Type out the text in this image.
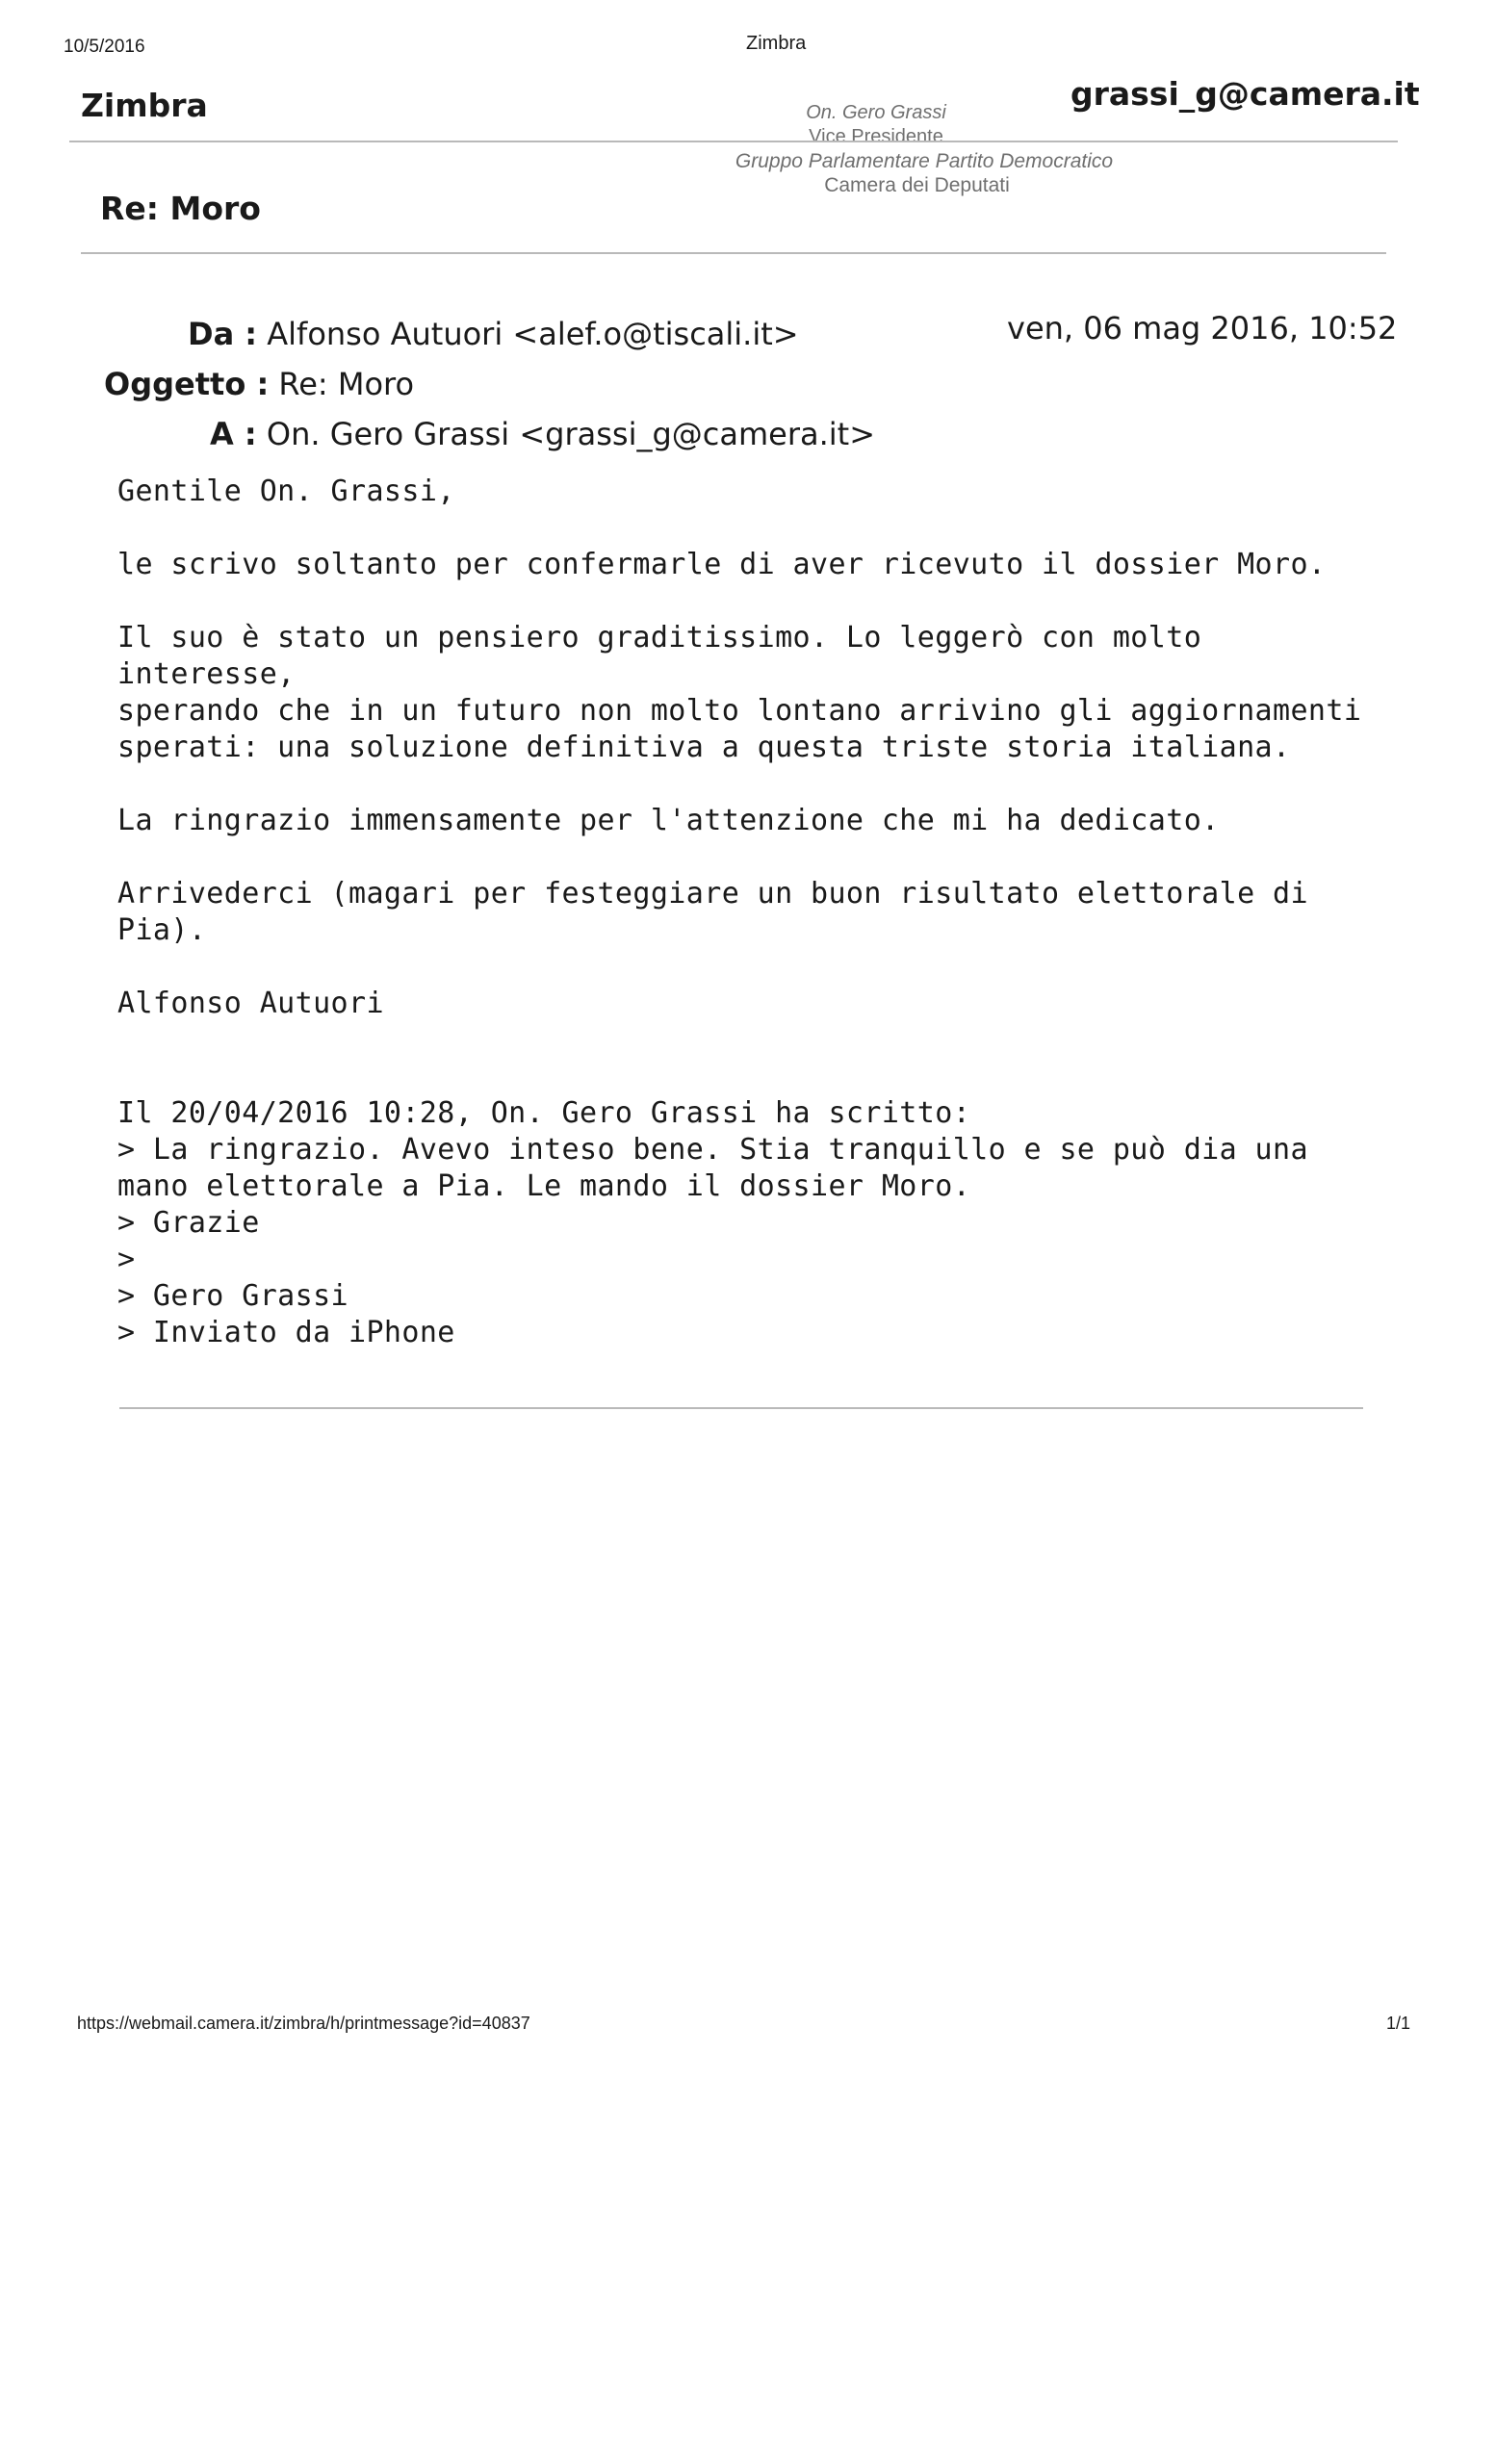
10/5/2016	Zimbra
Zimbra	grassi_g@camera.it
On. Gero Grassi
Vice Presidente
Gruppo Parlamentare Partito Democratico
Camera dei Deputati
Re: Moro
Da : Alfonso Autuori <alef.o@tiscali.it>	ven, 06 mag 2016, 10:52
Oggetto : Re: Moro
A : On. Gero Grassi <grassi_g@camera.it>
Gentile On. Grassi,

le scrivo soltanto per confermarle di aver ricevuto il dossier Moro.

Il suo è stato un pensiero graditissimo. Lo leggerò con molto
interesse,
sperando che in un futuro non molto lontano arrivino gli aggiornamenti
sperati: una soluzione definitiva a questa triste storia italiana.

La ringrazio immensamente per l'attenzione che mi ha dedicato.

Arrivederci (magari per festeggiare un buon risultato elettorale di
Pia).

Alfonso Autuori

Il 20/04/2016 10:28, On. Gero Grassi ha scritto:
> La ringrazio. Avevo inteso bene. Stia tranquillo e se può dia una
mano elettorale a Pia. Le mando il dossier Moro.
> Grazie
>
> Gero Grassi
> Inviato da iPhone
https://webmail.camera.it/zimbra/h/printmessage?id=40837	1/1
